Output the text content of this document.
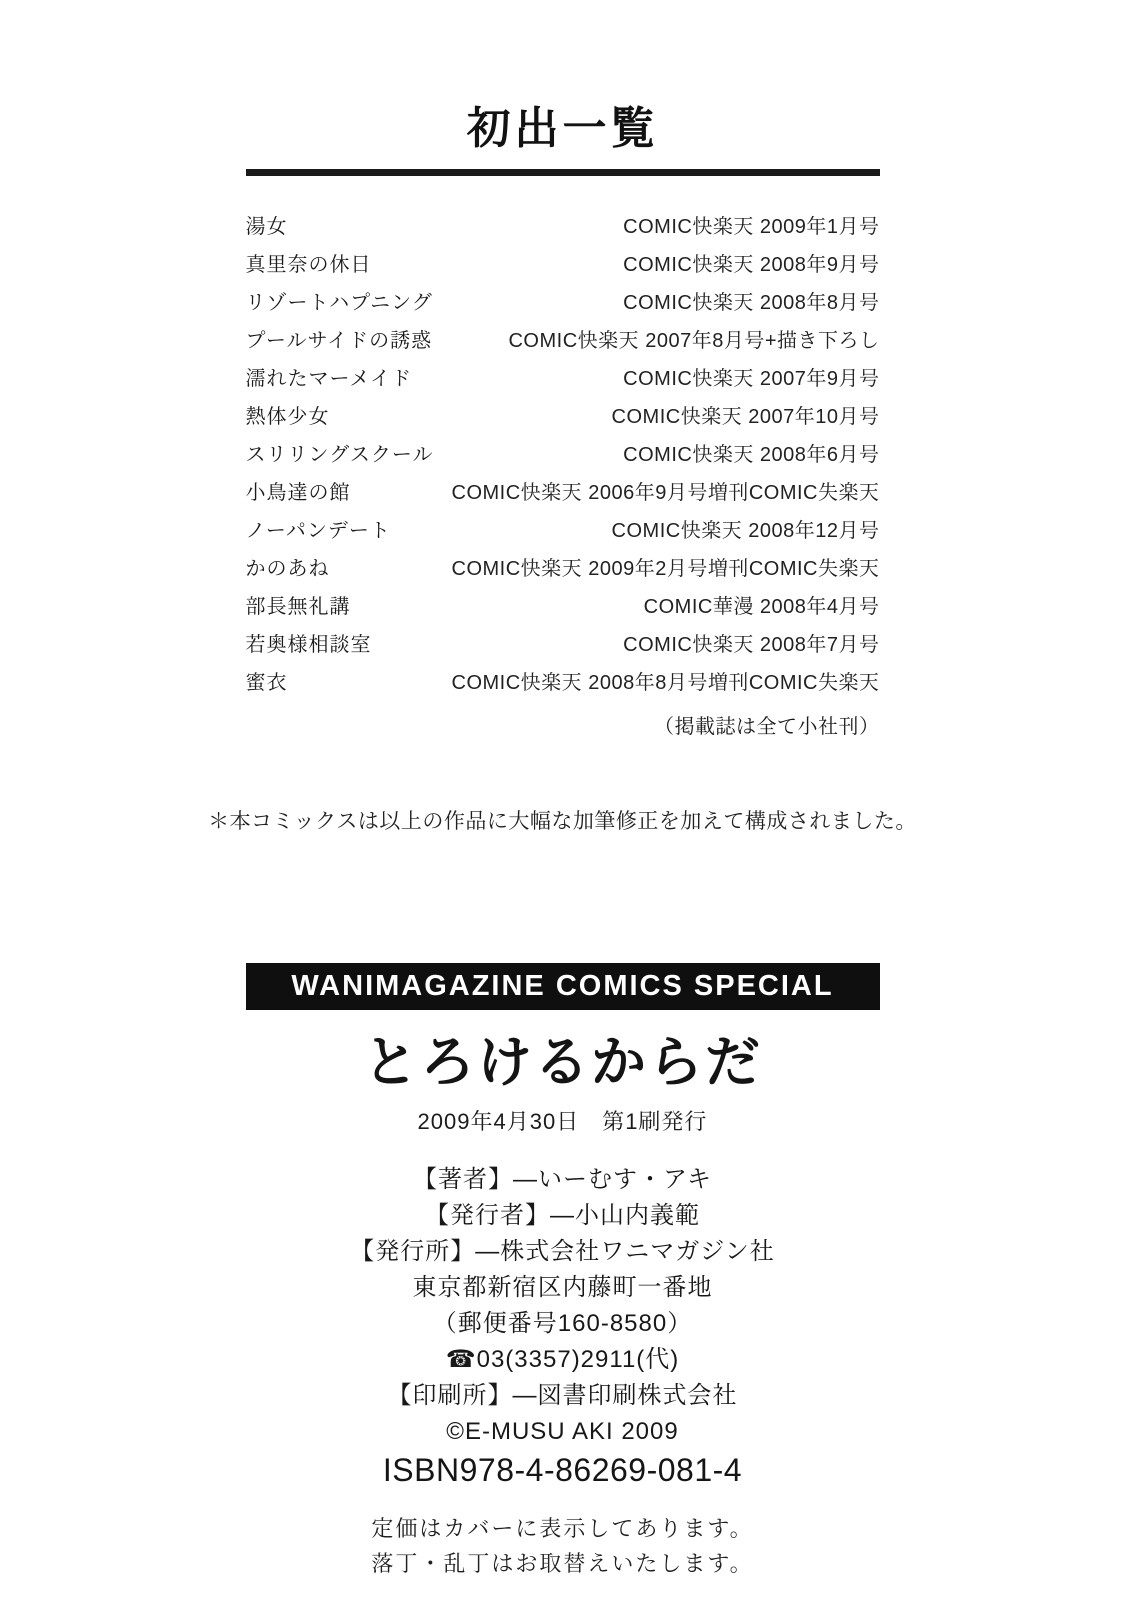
初出一覧
湯女	COMIC快楽天 2009年1月号
真里奈の休日	COMIC快楽天 2008年9月号
リゾートハプニング	COMIC快楽天 2008年8月号
プールサイドの誘惑	COMIC快楽天 2007年8月号+描き下ろし
濡れたマーメイド	COMIC快楽天 2007年9月号
熱体少女	COMIC快楽天 2007年10月号
スリリングスクール	COMIC快楽天 2008年6月号
小鳥達の館	COMIC快楽天 2006年9月号増刊COMIC失楽天
ノーパンデート	COMIC快楽天 2008年12月号
かのあね	COMIC快楽天 2009年2月号増刊COMIC失楽天
部長無礼講	COMIC華漫 2008年4月号
若奥様相談室	COMIC快楽天 2008年7月号
蜜衣	COMIC快楽天 2008年8月号増刊COMIC失楽天
（掲載誌は全て小社刊）

＊本コミックスは以上の作品に大幅な加筆修正を加えて構成されました。

WANIMAGAZINE COMICS SPECIAL
とろけるからだ
2009年4月30日　第1刷発行
【著者】―いーむす・アキ
【発行者】―小山内義範
【発行所】―株式会社ワニマガジン社
東京都新宿区内藤町一番地
（郵便番号160-8580）
☎03(3357)2911(代)
【印刷所】―図書印刷株式会社
©E-MUSU AKI 2009
ISBN978-4-86269-081-4
定価はカバーに表示してあります。
落丁・乱丁はお取替えいたします。
